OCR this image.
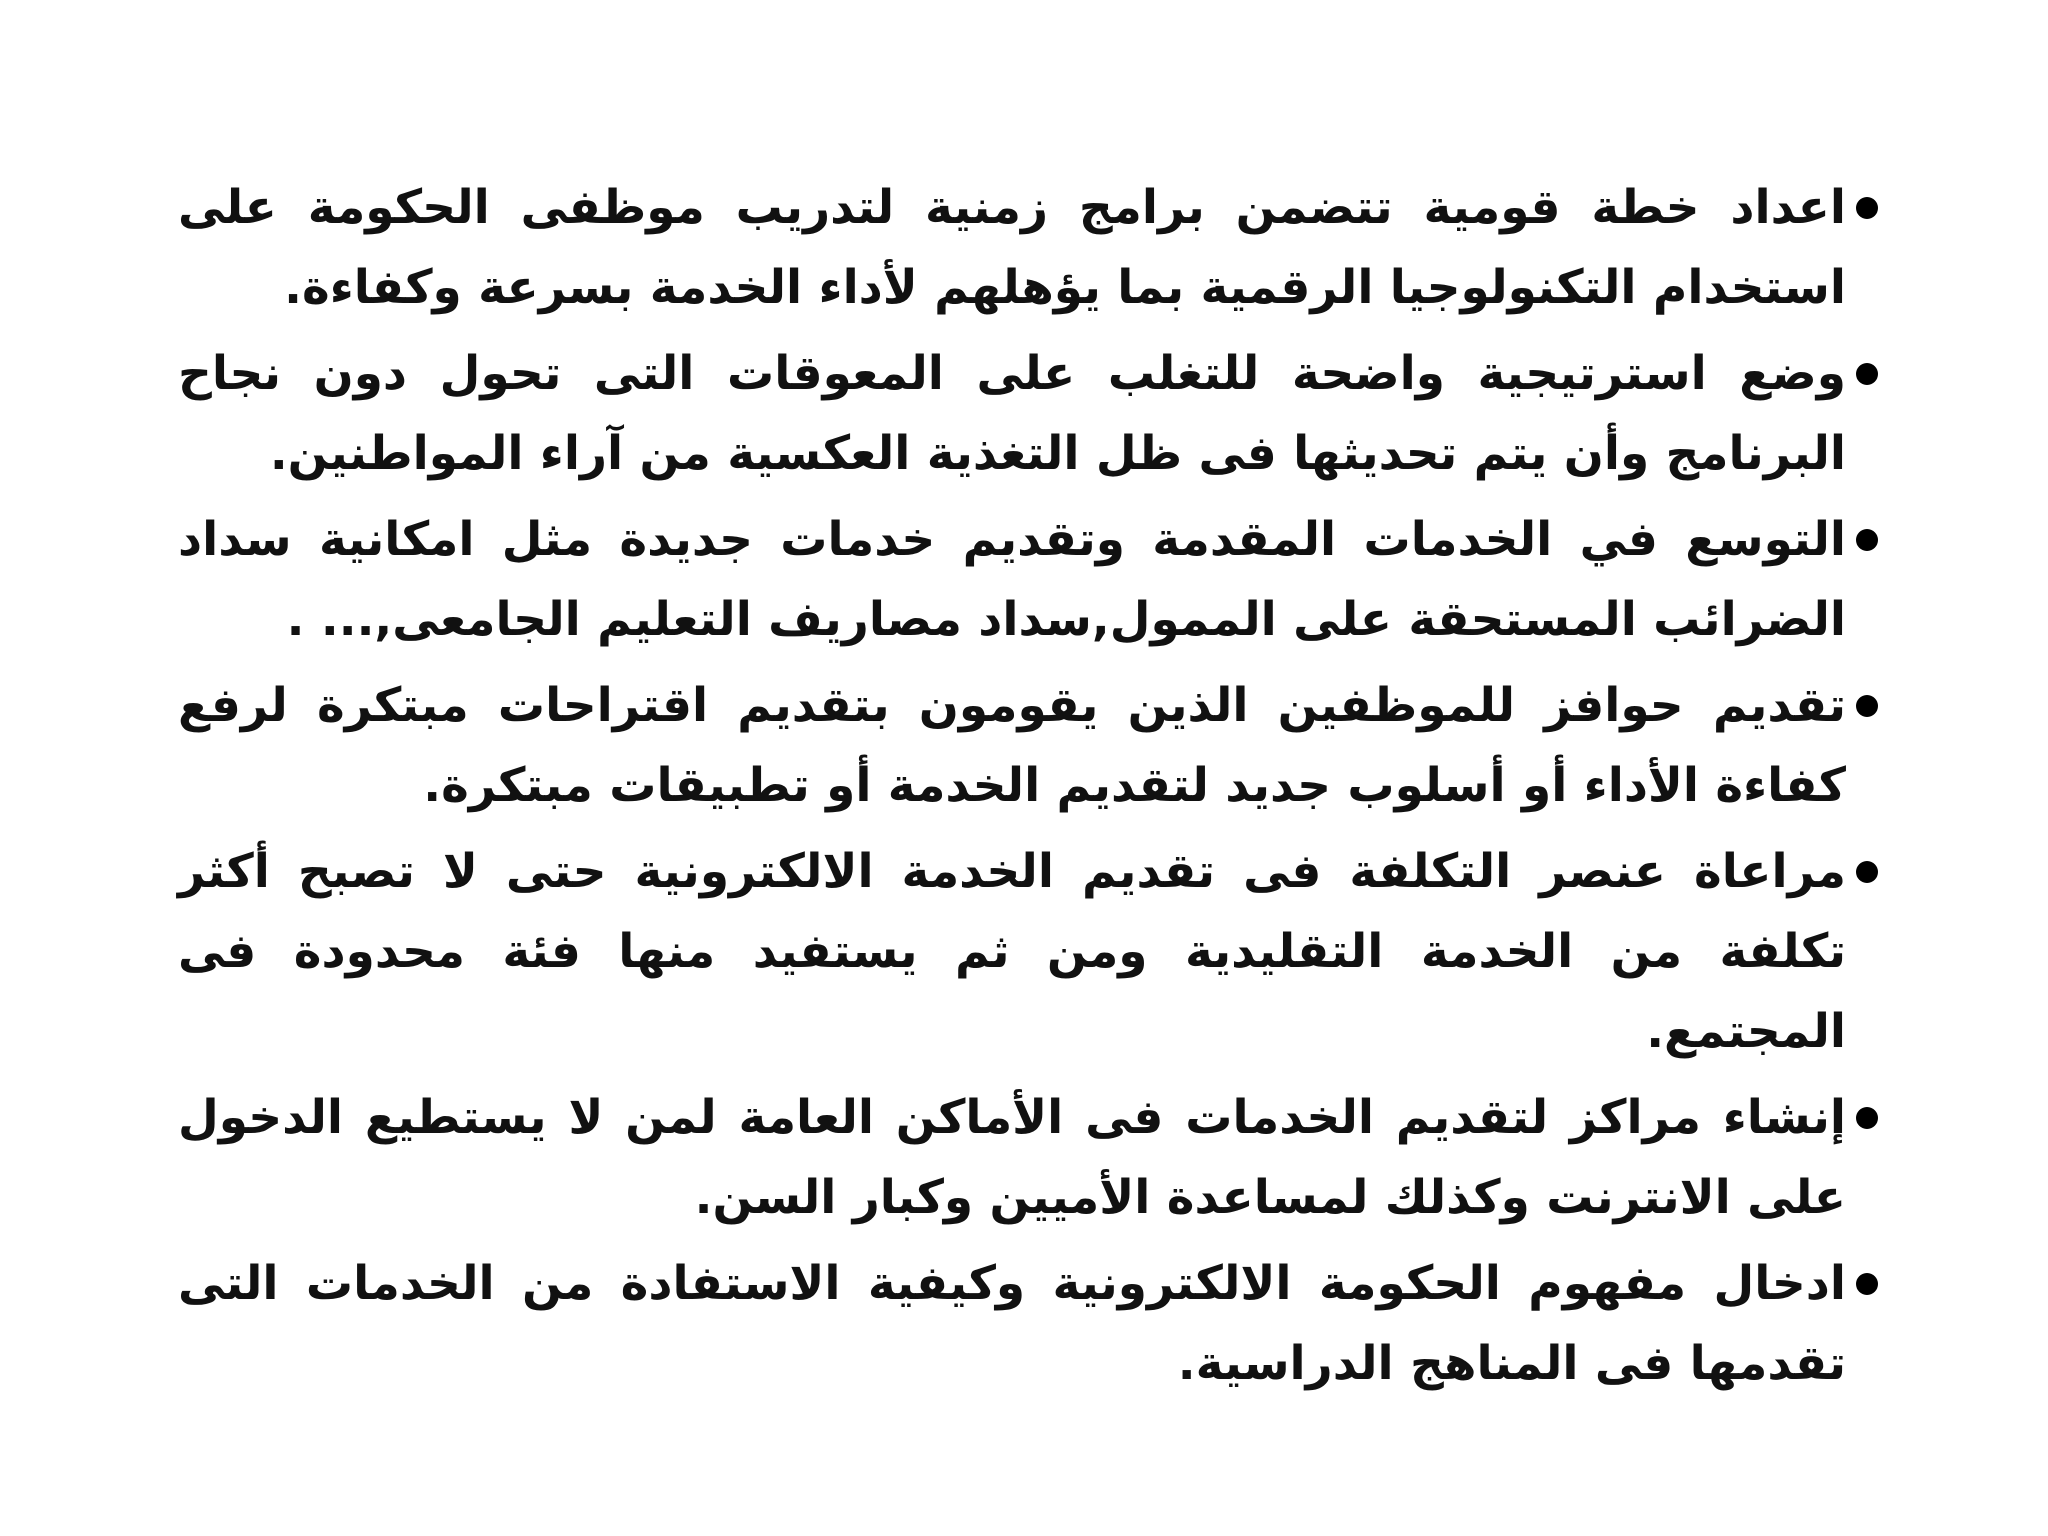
اعداد خطة قومية تتضمن برامج زمنية لتدريب موظفى الحكومة على استخدام التكنولوجيا الرقمية بما يؤهلهم لأداء الخدمة بسرعة وكفاءة.
وضع استرتيجية واضحة للتغلب على المعوقات التى تحول دون نجاح البرنامج وأن يتم تحديثها فى ظل التغذية العكسية من آراء المواطنين.
التوسع في الخدمات المقدمة وتقديم خدمات جديدة مثل امكانية سداد الضرائب المستحقة على الممول,سداد مصاريف التعليم الجامعى,... .
تقديم حوافز للموظفين الذين يقومون بتقديم اقتراحات مبتكرة لرفع كفاءة الأداء أو أسلوب جديد لتقديم الخدمة أو تطبيقات مبتكرة.
مراعاة عنصر التكلفة فى تقديم الخدمة الالكترونية حتى لا تصبح أكثر تكلفة من الخدمة التقليدية ومن ثم يستفيد منها فئة محدودة فى المجتمع.
إنشاء مراكز لتقديم الخدمات فى الأماكن العامة لمن لا يستطيع الدخول على الانترنت وكذلك لمساعدة الأميين وكبار السن.
ادخال مفهوم الحكومة الالكترونية وكيفية الاستفادة من الخدمات التى تقدمها فى المناهج الدراسية.
